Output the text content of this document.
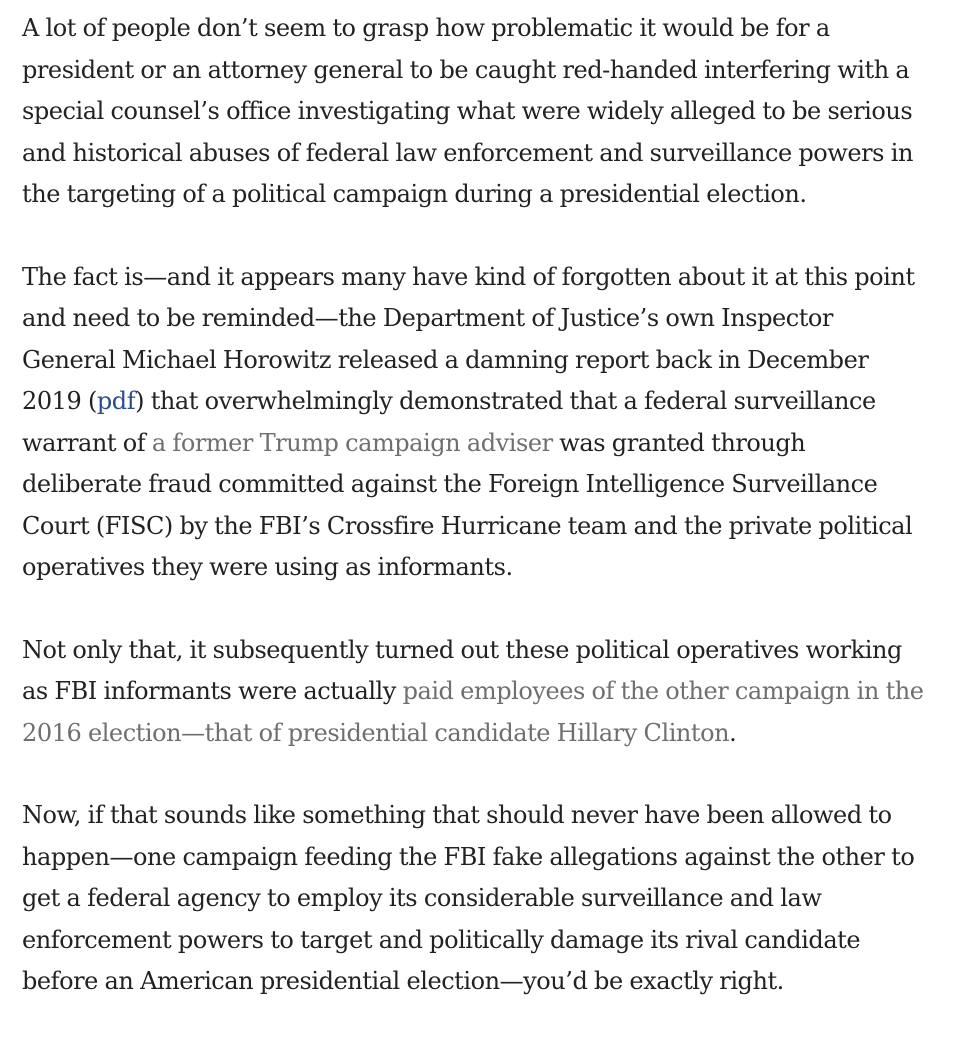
A lot of people don’t seem to grasp how problematic it would be for a
president or an attorney general to be caught red-handed interfering with a
special counsel’s office investigating what were widely alleged to be serious
and historical abuses of federal law enforcement and surveillance powers in
the targeting of a political campaign during a presidential election.

The fact is—and it appears many have kind of forgotten about it at this point
and need to be reminded—the Department of Justice’s own Inspector
General Michael Horowitz released a damning report back in December
2019 (pdf) that overwhelmingly demonstrated that a federal surveillance
warrant of a former Trump campaign adviser was granted through
deliberate fraud committed against the Foreign Intelligence Surveillance
Court (FISC) by the FBI’s Crossfire Hurricane team and the private political
operatives they were using as informants.

Not only that, it subsequently turned out these political operatives working
as FBI informants were actually paid employees of the other campaign in the
2016 election—that of presidential candidate Hillary Clinton.

Now, if that sounds like something that should never have been allowed to
happen—one campaign feeding the FBI fake allegations against the other to
get a federal agency to employ its considerable surveillance and law
enforcement powers to target and politically damage its rival candidate
before an American presidential election—you’d be exactly right.
